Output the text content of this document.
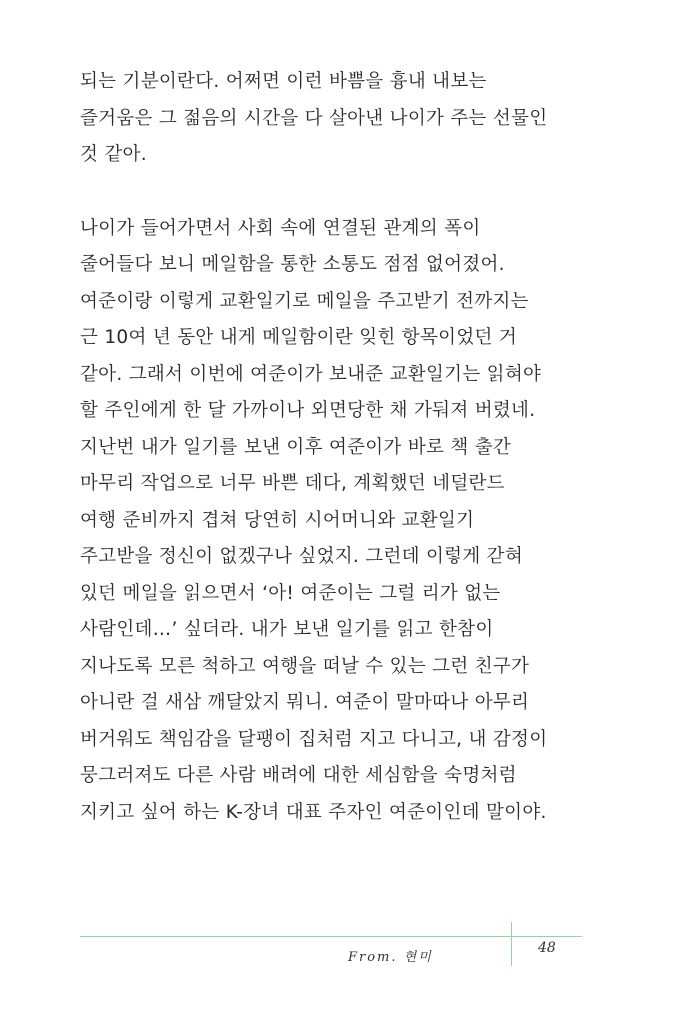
되는 기분이란다. 어쩌면 이런 바쁨을 흉내 내보는
즐거움은 그 젊음의 시간을 다 살아낸 나이가 주는 선물인
것 같아.

나이가 들어가면서 사회 속에 연결된 관계의 폭이
줄어들다 보니 메일함을 통한 소통도 점점 없어졌어.
여준이랑 이렇게 교환일기로 메일을 주고받기 전까지는
근 10여 년 동안 내게 메일함이란 잊힌 항목이었던 거
같아. 그래서 이번에 여준이가 보내준 교환일기는 읽혀야
할 주인에게 한 달 가까이나 외면당한 채 가둬져 버렸네.
지난번 내가 일기를 보낸 이후 여준이가 바로 책 출간
마무리 작업으로 너무 바쁜 데다, 계획했던 네덜란드
여행 준비까지 겹쳐 당연히 시어머니와 교환일기
주고받을 정신이 없겠구나 싶었지. 그런데 이렇게 갇혀
있던 메일을 읽으면서 ‘아! 여준이는 그럴 리가 없는
사람인데…’ 싶더라. 내가 보낸 일기를 읽고 한참이
지나도록 모른 척하고 여행을 떠날 수 있는 그런 친구가
아니란 걸 새삼 깨달았지 뭐니. 여준이 말마따나 아무리
버거워도 책임감을 달팽이 집처럼 지고 다니고, 내 감정이
뭉그러져도 다른 사람 배려에 대한 세심함을 숙명처럼
지키고 싶어 하는 K-장녀 대표 주자인 여준이인데 말이야.

From. 현미
48
